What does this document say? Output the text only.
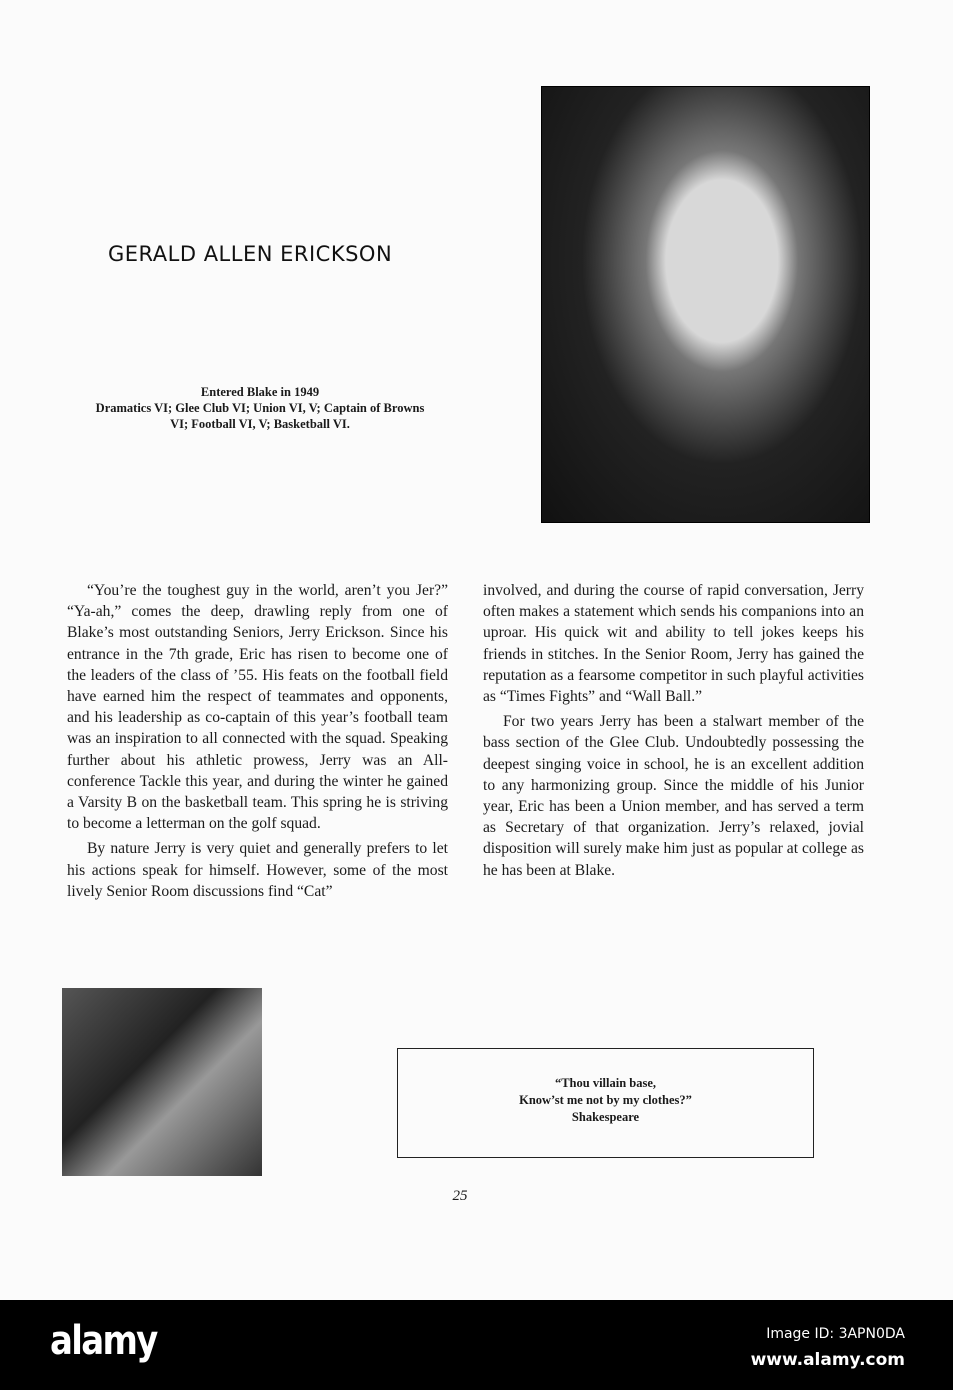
GERALD ALLEN ERICKSON
Entered Blake in 1949
Dramatics VI; Glee Club VI; Union VI, V; Captain of Browns
VI; Football VI, V; Basketball VI.

“You’re the toughest guy in the world, aren’t you Jer?” “Ya-ah,” comes the deep, drawling reply from one of Blake’s most outstanding Seniors, Jerry Erickson. Since his entrance in the 7th grade, Eric has risen to become one of the leaders of the class of ’55. His feats on the football field have earned him the respect of teammates and opponents, and his leadership as co-captain of this year’s football team was an inspiration to all connected with the squad. Speaking further about his athletic prowess, Jerry was an All-conference Tackle this year, and during the winter he gained a Varsity B on the basketball team. This spring he is striving to become a letterman on the golf squad.

By nature Jerry is very quiet and generally prefers to let his actions speak for himself. However, some of the most lively Senior Room discussions find “Cat”

involved, and during the course of rapid conversation, Jerry often makes a statement which sends his companions into an uproar. His quick wit and ability to tell jokes keeps his friends in stitches. In the Senior Room, Jerry has gained the reputation as a fearsome competitor in such playful activities as “Times Fights” and “Wall Ball.”

For two years Jerry has been a stalwart member of the bass section of the Glee Club. Undoubtedly possessing the deepest singing voice in school, he is an excellent addition to any harmonizing group. Since the middle of his Junior year, Eric has been a Union member, and has served a term as Secretary of that organization. Jerry’s relaxed, jovial disposition will surely make him just as popular at college as he has been at Blake.

“Thou villain base,
Know’st me not by my clothes?”
Shakespeare
25
alamy	Image ID: 3APN0DA
www.alamy.com
